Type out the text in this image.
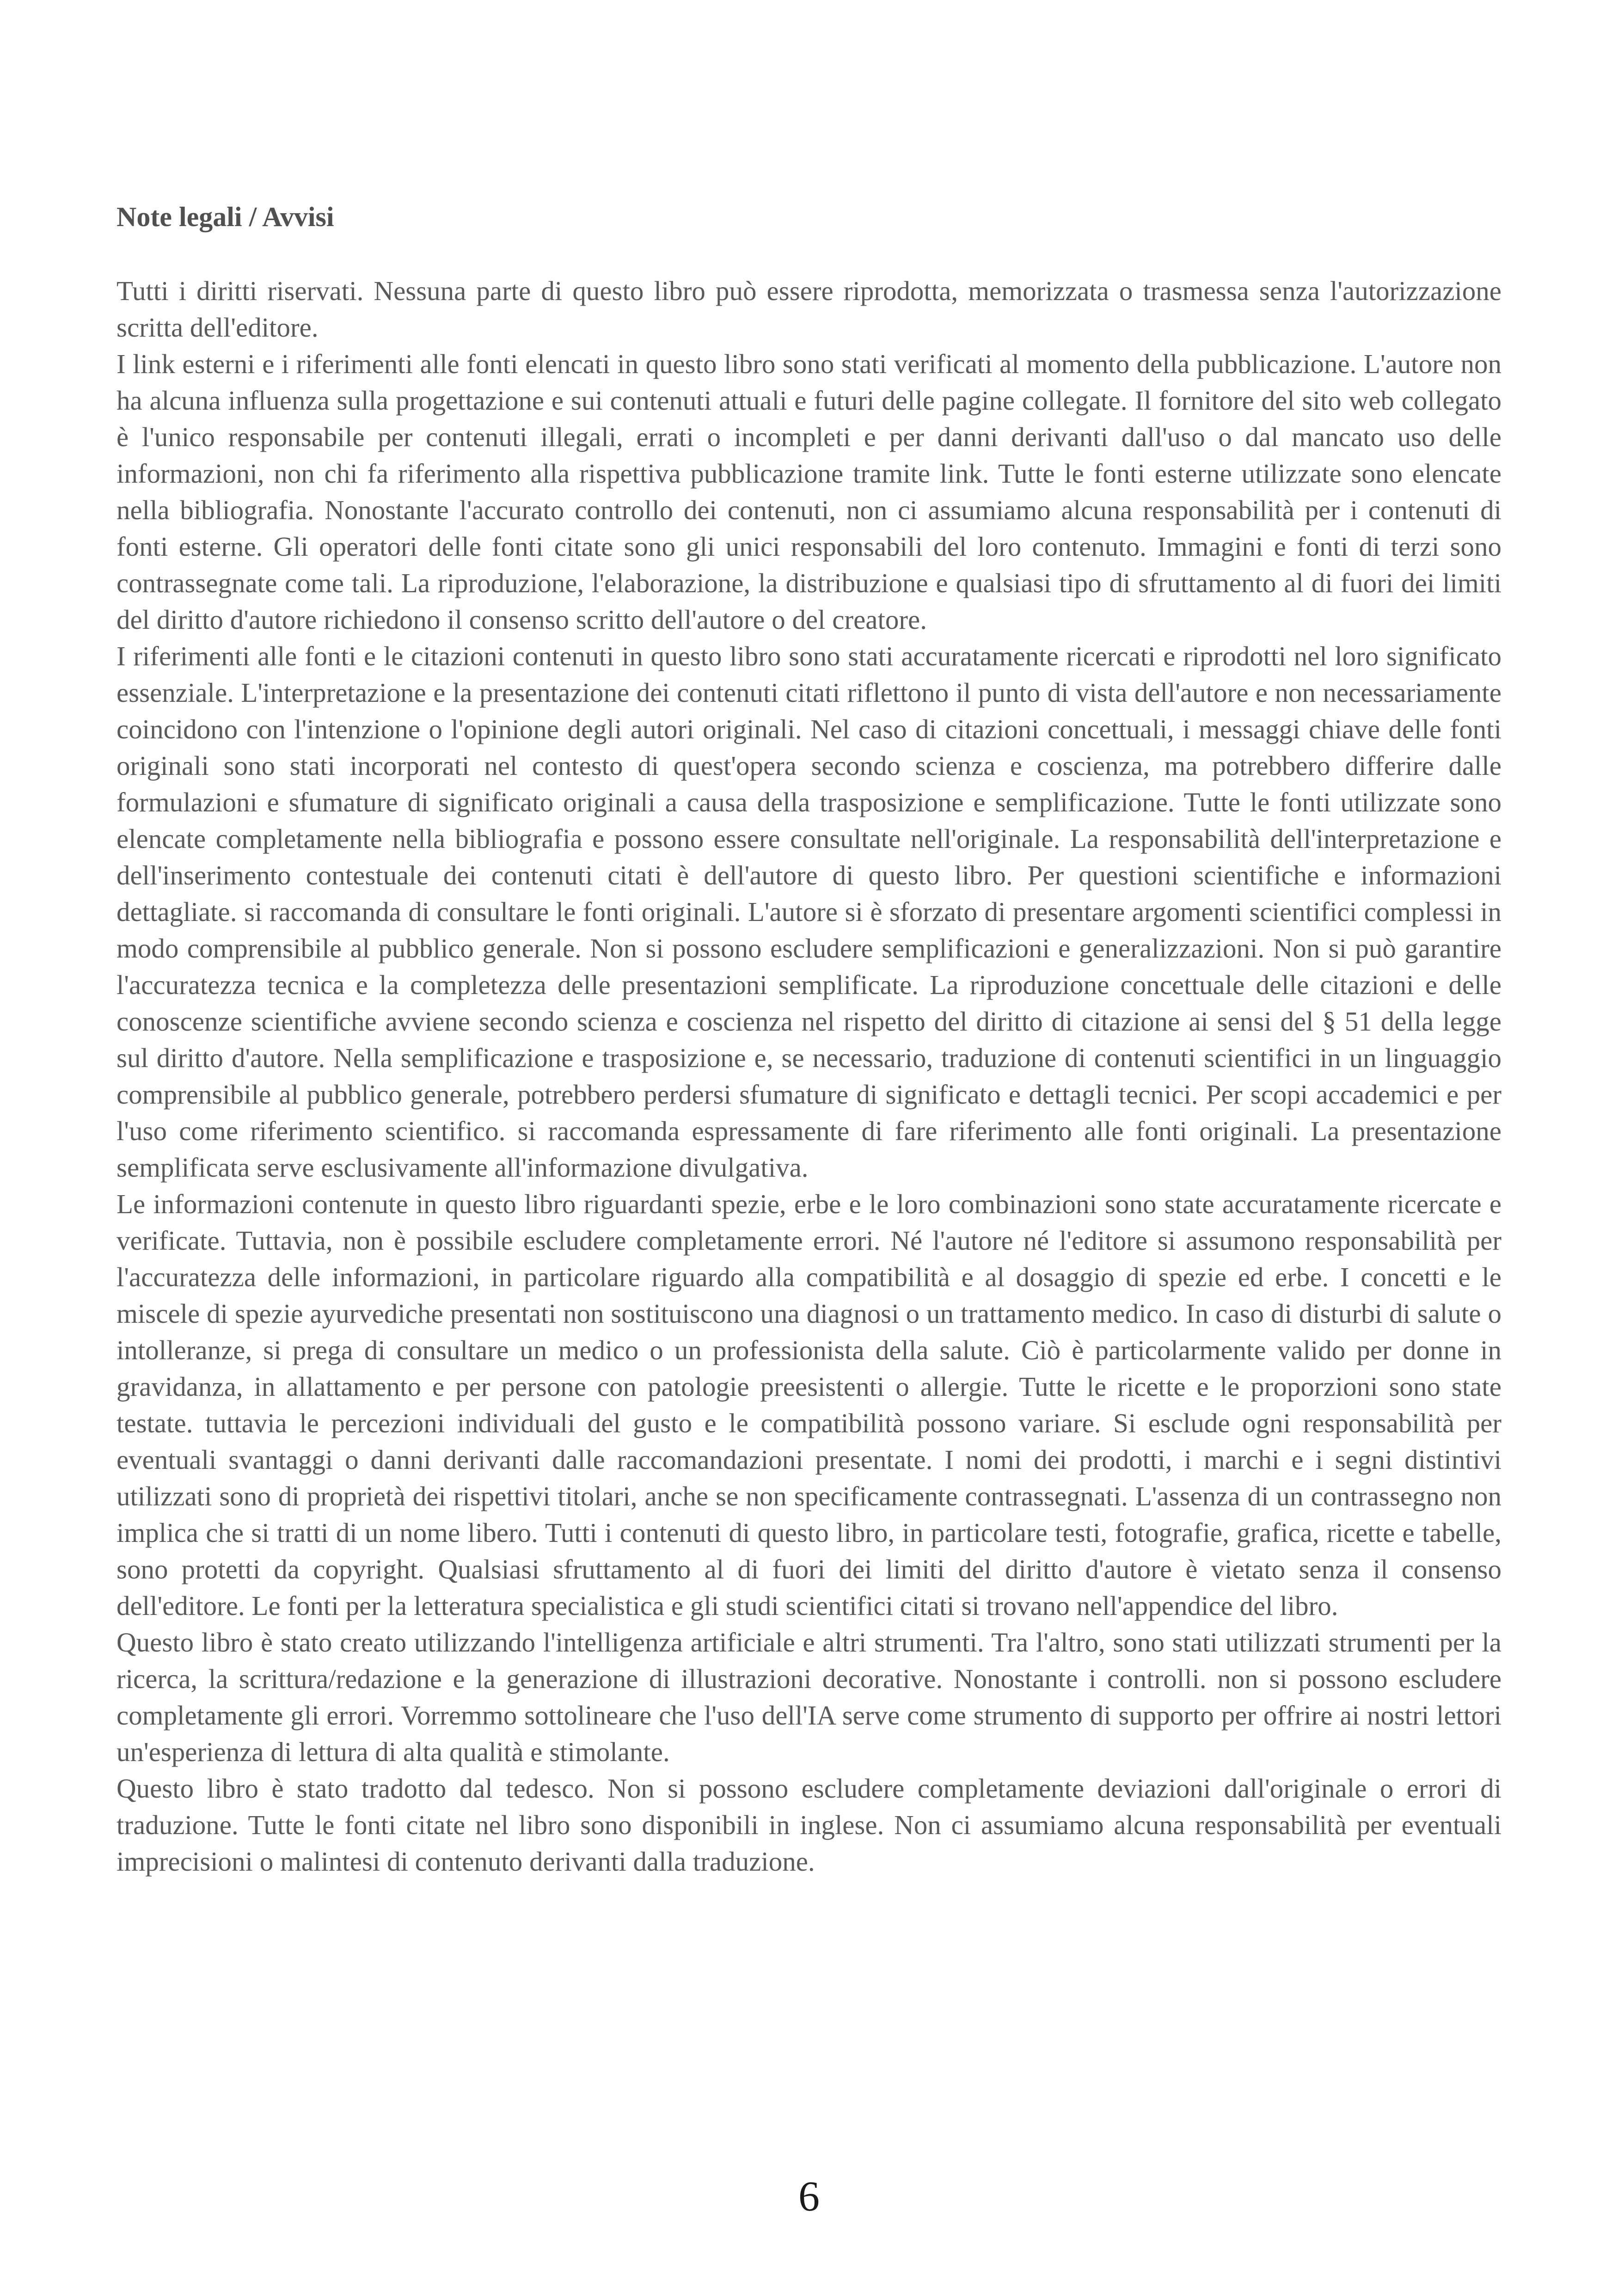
Note legali / Avvisi

Tutti i diritti riservati. Nessuna parte di questo libro può essere riprodotta, memorizzata o trasmessa senza l'autorizzazione scritta dell'editore.

I link esterni e i riferimenti alle fonti elencati in questo libro sono stati verificati al momento della pubblicazione. L'autore non ha alcuna influenza sulla progettazione e sui contenuti attuali e futuri delle pagine collegate. Il fornitore del sito web collegato è l'unico responsabile per contenuti illegali, errati o incompleti e per danni derivanti dall'uso o dal mancato uso delle informazioni, non chi fa riferimento alla rispettiva pubblicazione tramite link. Tutte le fonti esterne utilizzate sono elencate nella bibliografia. Nonostante l'accurato controllo dei contenuti, non ci assumiamo alcuna responsabilità per i contenuti di fonti esterne. Gli operatori delle fonti citate sono gli unici responsabili del loro contenuto. Immagini e fonti di terzi sono contrassegnate come tali. La riproduzione, l'elaborazione, la distribuzione e qualsiasi tipo di sfruttamento al di fuori dei limiti del diritto d'autore richiedono il consenso scritto dell'autore o del creatore.

I riferimenti alle fonti e le citazioni contenuti in questo libro sono stati accuratamente ricercati e riprodotti nel loro significato essenziale. L'interpretazione e la presentazione dei contenuti citati riflettono il punto di vista dell'autore e non necessariamente coincidono con l'intenzione o l'opinione degli autori originali. Nel caso di citazioni concettuali, i messaggi chiave delle fonti originali sono stati incorporati nel contesto di quest'opera secondo scienza e coscienza, ma potrebbero differire dalle formulazioni e sfumature di significato originali a causa della trasposizione e semplificazione. Tutte le fonti utilizzate sono elencate completamente nella bibliografia e possono essere consultate nell'originale. La responsabilità dell'interpretazione e dell'inserimento contestuale dei contenuti citati è dell'autore di questo libro. Per questioni scientifiche e informazioni dettagliate. si raccomanda di consultare le fonti originali. L'autore si è sforzato di presentare argomenti scientifici complessi in modo comprensibile al pubblico generale. Non si possono escludere semplificazioni e generalizzazioni. Non si può garantire l'accuratezza tecnica e la completezza delle presentazioni semplificate. La riproduzione concettuale delle citazioni e delle conoscenze scientifiche avviene secondo scienza e coscienza nel rispetto del diritto di citazione ai sensi del § 51 della legge sul diritto d'autore. Nella semplificazione e trasposizione e, se necessario, traduzione di contenuti scientifici in un linguaggio comprensibile al pubblico generale, potrebbero perdersi sfumature di significato e dettagli tecnici. Per scopi accademici e per l'uso come riferimento scientifico. si raccomanda espressamente di fare riferimento alle fonti originali. La presentazione semplificata serve esclusivamente all'informazione divulgativa.

Le informazioni contenute in questo libro riguardanti spezie, erbe e le loro combinazioni sono state accuratamente ricercate e verificate. Tuttavia, non è possibile escludere completamente errori. Né l'autore né l'editore si assumono responsabilità per l'accuratezza delle informazioni, in particolare riguardo alla compatibilità e al dosaggio di spezie ed erbe. I concetti e le miscele di spezie ayurvediche presentati non sostituiscono una diagnosi o un trattamento medico. In caso di disturbi di salute o intolleranze, si prega di consultare un medico o un professionista della salute. Ciò è particolarmente valido per donne in gravidanza, in allattamento e per persone con patologie preesistenti o allergie. Tutte le ricette e le proporzioni sono state testate. tuttavia le percezioni individuali del gusto e le compatibilità possono variare. Si esclude ogni responsabilità per eventuali svantaggi o danni derivanti dalle raccomandazioni presentate. I nomi dei prodotti, i marchi e i segni distintivi utilizzati sono di proprietà dei rispettivi titolari, anche se non specificamente contrassegnati. L'assenza di un contrassegno non implica che si tratti di un nome libero. Tutti i contenuti di questo libro, in particolare testi, fotografie, grafica, ricette e tabelle, sono protetti da copyright. Qualsiasi sfruttamento al di fuori dei limiti del diritto d'autore è vietato senza il consenso dell'editore. Le fonti per la letteratura specialistica e gli studi scientifici citati si trovano nell'appendice del libro.

Questo libro è stato creato utilizzando l'intelligenza artificiale e altri strumenti. Tra l'altro, sono stati utilizzati strumenti per la ricerca, la scrittura/redazione e la generazione di illustrazioni decorative. Nonostante i controlli. non si possono escludere completamente gli errori. Vorremmo sottolineare che l'uso dell'IA serve come strumento di supporto per offrire ai nostri lettori un'esperienza di lettura di alta qualità e stimolante.

Questo libro è stato tradotto dal tedesco. Non si possono escludere completamente deviazioni dall'originale o errori di traduzione. Tutte le fonti citate nel libro sono disponibili in inglese. Non ci assumiamo alcuna responsabilità per eventuali imprecisioni o malintesi di contenuto derivanti dalla traduzione.

6
